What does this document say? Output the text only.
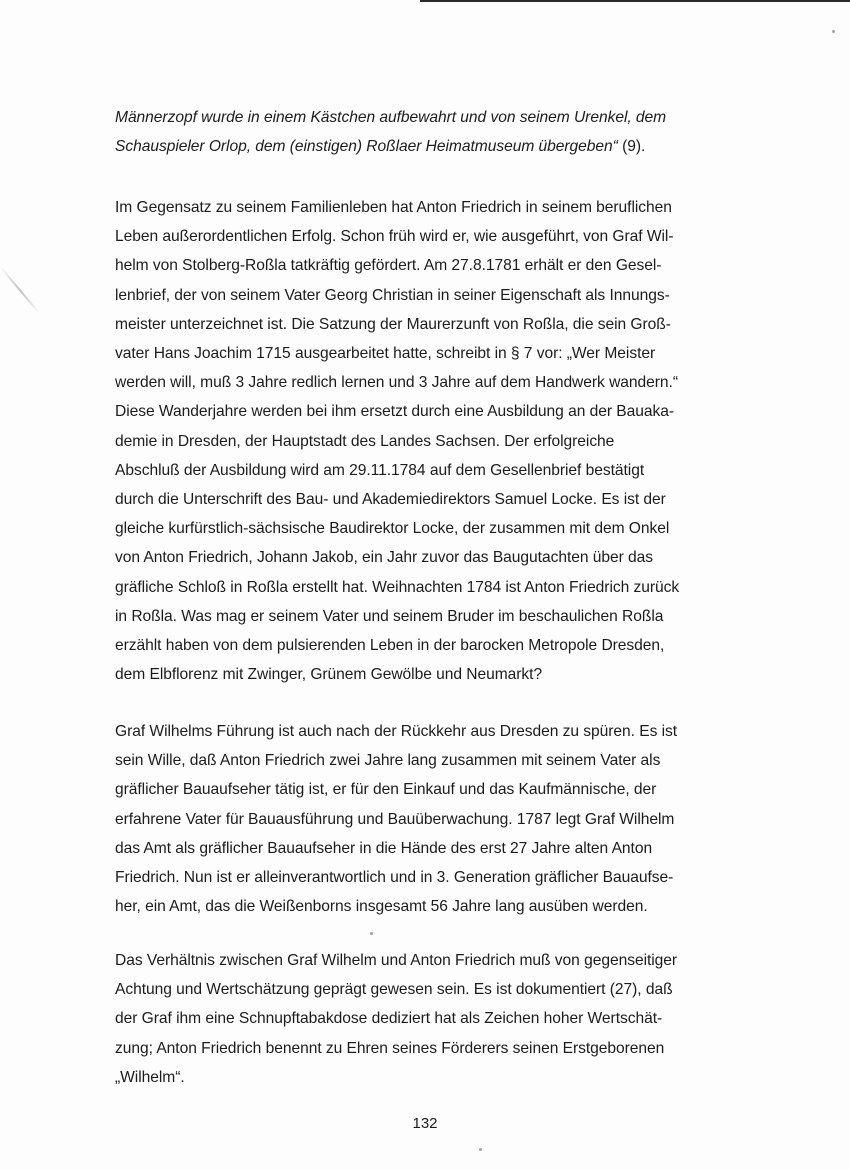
Männerzopf wurde in einem Kästchen aufbewahrt und von seinem Urenkel, dem

Schauspieler Orlop, dem (einstigen) Roßlaer Heimatmuseum übergeben“ (9).

Im Gegensatz zu seinem Familienleben hat Anton Friedrich in seinem beruflichen

Leben außerordentlichen Erfolg. Schon früh wird er, wie ausgeführt, von Graf Wil-

helm von Stolberg-Roßla tatkräftig gefördert. Am 27.8.1781 erhält er den Gesel-

lenbrief, der von seinem Vater Georg Christian in seiner Eigenschaft als Innungs-

meister unterzeichnet ist. Die Satzung der Maurerzunft von Roßla, die sein Groß-

vater Hans Joachim 1715 ausgearbeitet hatte, schreibt in § 7 vor: „Wer Meister

werden will, muß 3 Jahre redlich lernen und 3 Jahre auf dem Handwerk wandern.“

Diese Wanderjahre werden bei ihm ersetzt durch eine Ausbildung an der Bauaka-

demie in Dresden, der Hauptstadt des Landes Sachsen. Der erfolgreiche

Abschluß der Ausbildung wird am 29.11.1784 auf dem Gesellenbrief bestätigt

durch die Unterschrift des Bau- und Akademiedirektors Samuel Locke. Es ist der

gleiche kurfürstlich-sächsische Baudirektor Locke, der zusammen mit dem Onkel

von Anton Friedrich, Johann Jakob, ein Jahr zuvor das Baugutachten über das

gräfliche Schloß in Roßla erstellt hat. Weihnachten 1784 ist Anton Friedrich zurück

in Roßla. Was mag er seinem Vater und seinem Bruder im beschaulichen Roßla

erzählt haben von dem pulsierenden Leben in der barocken Metropole Dresden,

dem Elbflorenz mit Zwinger, Grünem Gewölbe und Neumarkt?

Graf Wilhelms Führung ist auch nach der Rückkehr aus Dresden zu spüren. Es ist

sein Wille, daß Anton Friedrich zwei Jahre lang zusammen mit seinem Vater als

gräflicher Bauaufseher tätig ist, er für den Einkauf und das Kaufmännische, der

erfahrene Vater für Bauausführung und Bauüberwachung. 1787 legt Graf Wilhelm

das Amt als gräflicher Bauaufseher in die Hände des erst 27 Jahre alten Anton

Friedrich. Nun ist er alleinverantwortlich und in 3. Generation gräflicher Bauaufse-

her, ein Amt, das die Weißenborns insgesamt 56 Jahre lang ausüben werden.

Das Verhältnis zwischen Graf Wilhelm und Anton Friedrich muß von gegenseitiger

Achtung und Wertschätzung geprägt gewesen sein. Es ist dokumentiert (27), daß

der Graf ihm eine Schnupftabakdose dediziert hat als Zeichen hoher Wertschät-

zung; Anton Friedrich benennt zu Ehren seines Förderers seinen Erstgeborenen

„Wilhelm“.

132
